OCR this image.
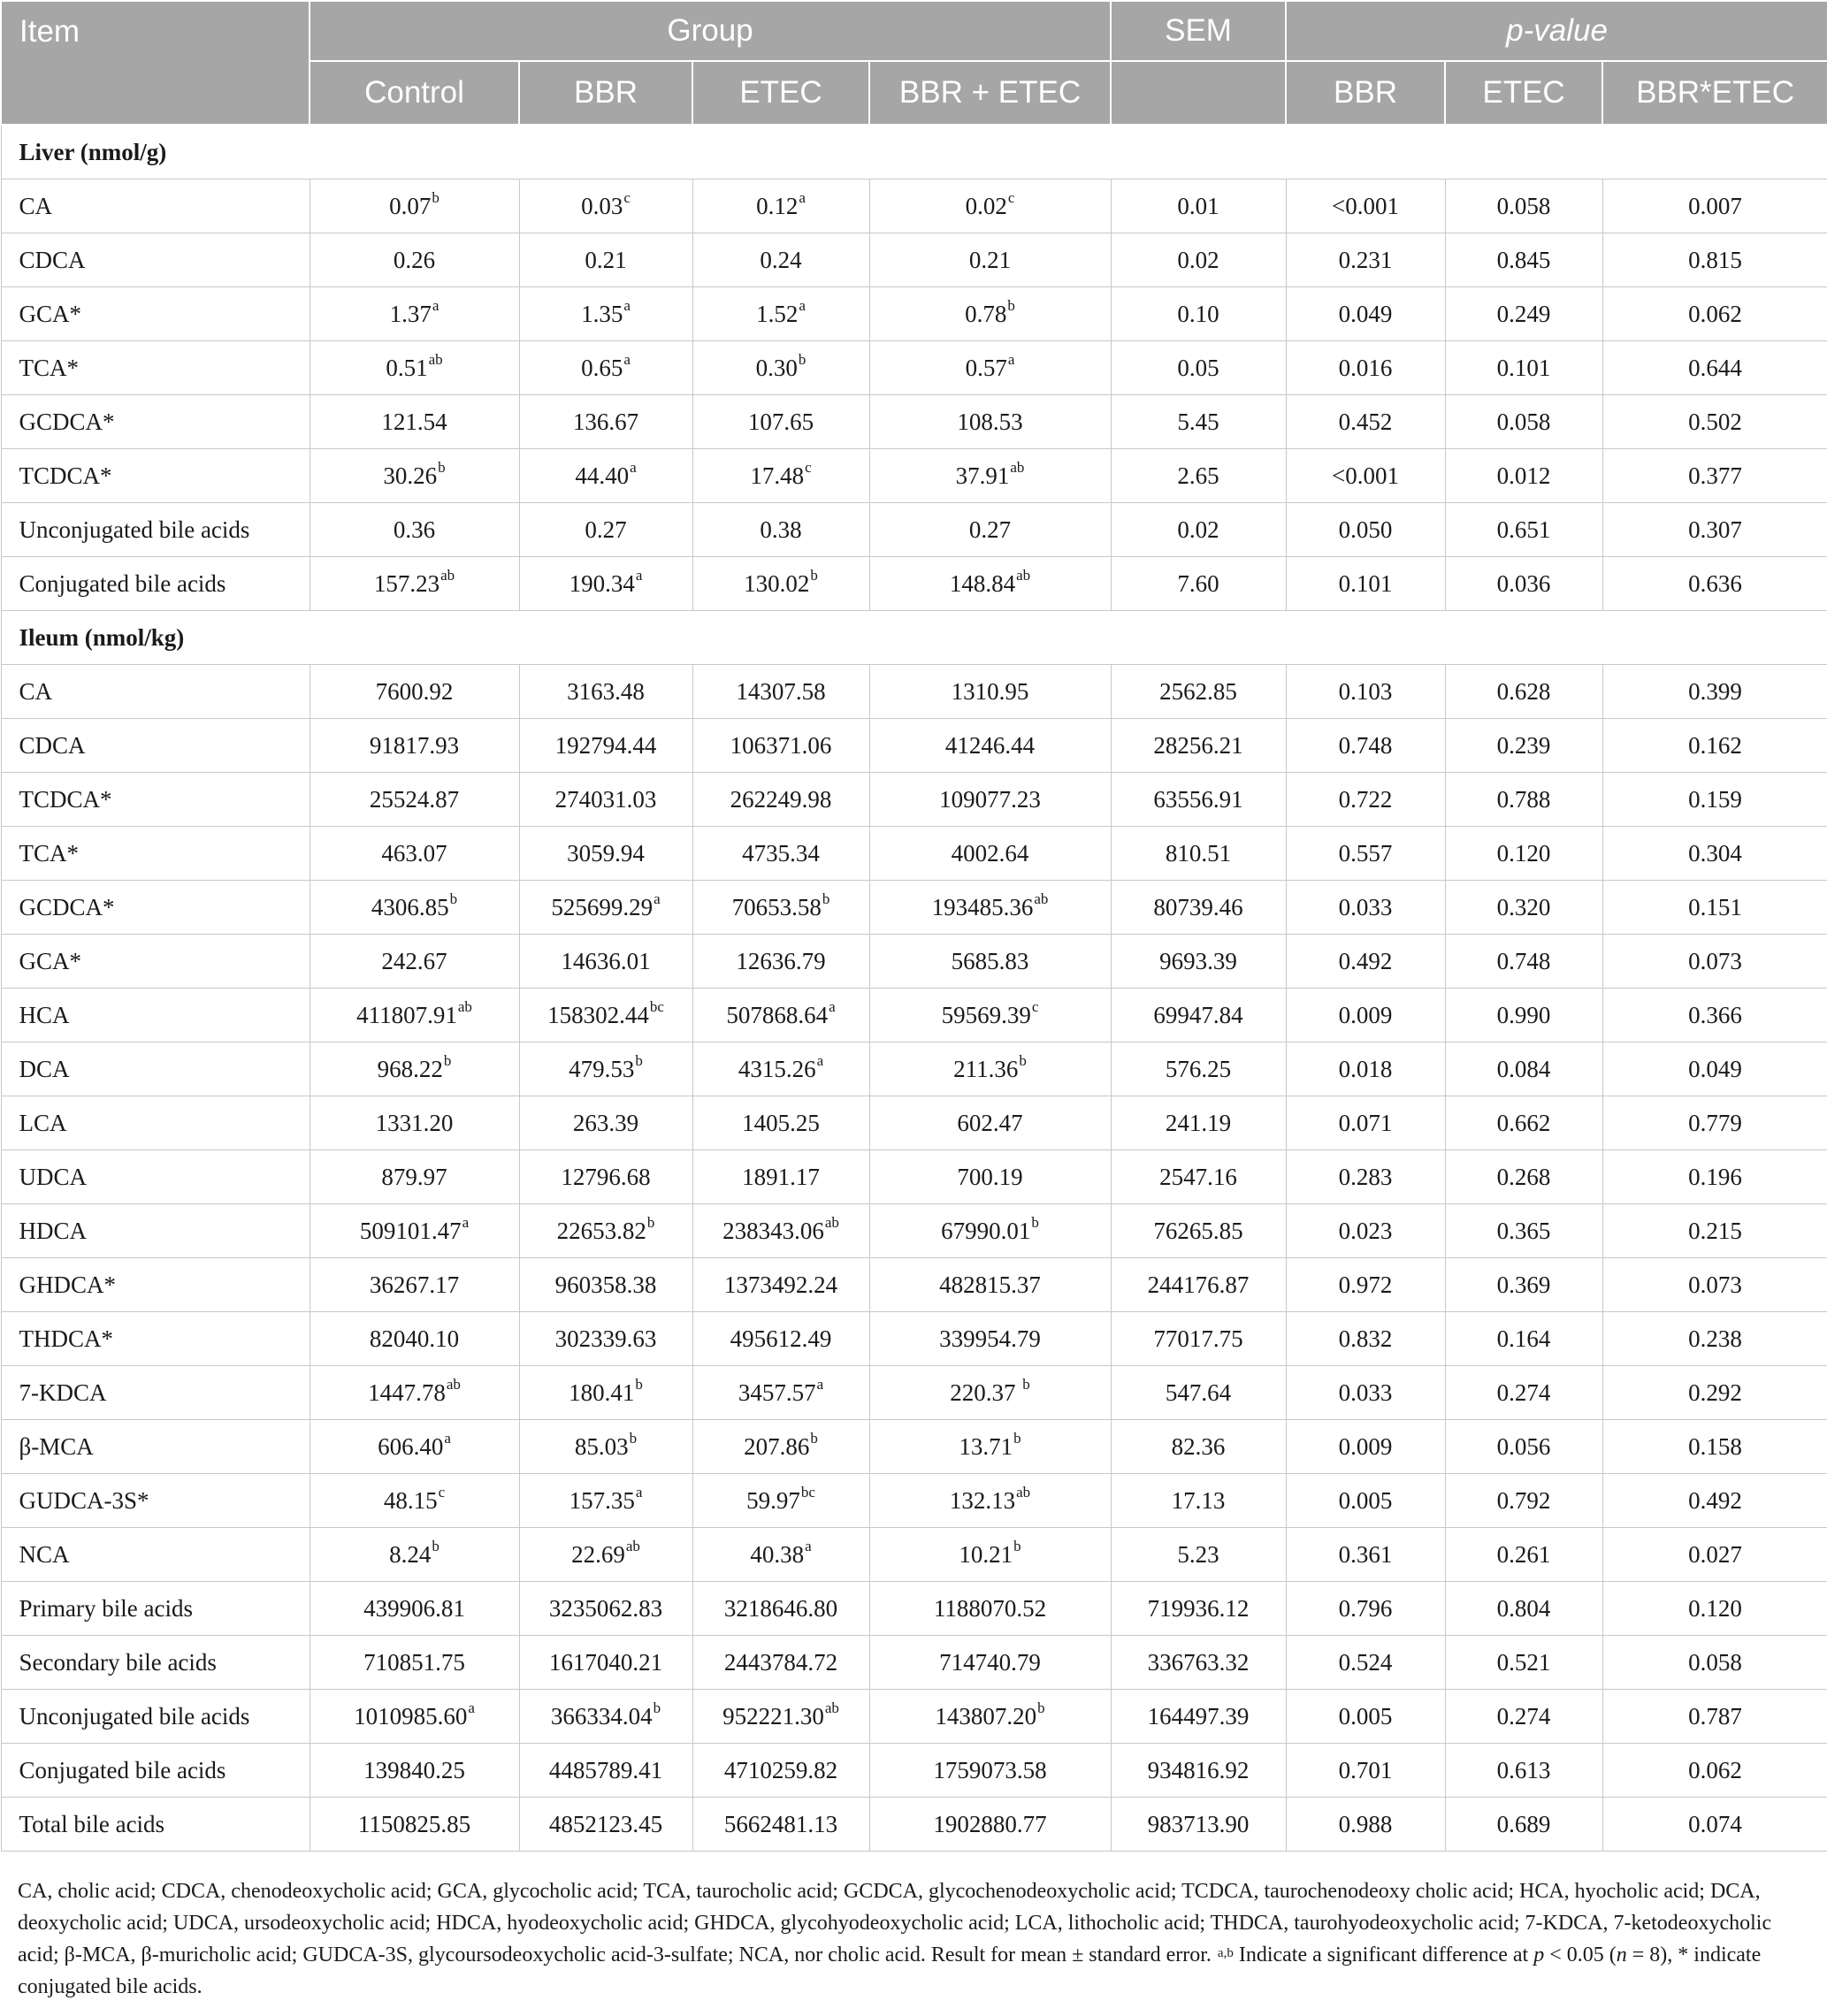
Item	Group				SEM	p-value		
	Control	BBR	ETEC	BBR + ETEC		BBR	ETEC	BBR*ETEC
Liver (nmol/g)								
CA	0.07$^b$	0.03$^c$	0.12$^a$	0.02$^c$	0.01	<0.001	0.058	0.007
CDCA	0.26	0.21	0.24	0.21	0.02	0.231	0.845	0.815
GCA*	1.37$^a$	1.35$^a$	1.52$^a$	0.78$^b$	0.10	0.049	0.249	0.062
TCA*	0.51$^{ab}$	0.65$^a$	0.30$^b$	0.57$^a$	0.05	0.016	0.101	0.644
GCDCA*	121.54	136.67	107.65	108.53	5.45	0.452	0.058	0.502
TCDCA*	30.26$^b$	44.40$^a$	17.48$^c$	37.91$^{ab}$	2.65	<0.001	0.012	0.377
Unconjugated bile acids	0.36	0.27	0.38	0.27	0.02	0.050	0.651	0.307
Conjugated bile acids	157.23$^{ab}$	190.34$^a$	130.02$^b$	148.84$^{ab}$	7.60	0.101	0.036	0.636
Ileum (nmol/kg)								
CA	7600.92	3163.48	14307.58	1310.95	2562.85	0.103	0.628	0.399
CDCA	91817.93	192794.44	106371.06	41246.44	28256.21	0.748	0.239	0.162
TCDCA*	25524.87	274031.03	262249.98	109077.23	63556.91	0.722	0.788	0.159
TCA*	463.07	3059.94	4735.34	4002.64	810.51	0.557	0.120	0.304
GCDCA*	4306.85$^b$	525699.29$^a$	70653.58$^b$	193485.36$^{ab}$	80739.46	0.033	0.320	0.151
GCA*	242.67	14636.01	12636.79	5685.83	9693.39	0.492	0.748	0.073
HCA	411807.91$^{ab}$	158302.44$^{bc}$	507868.64$^a$	59569.39$^c$	69947.84	0.009	0.990	0.366
DCA	968.22$^b$	479.53$^b$	4315.26$^a$	211.36$^b$	576.25	0.018	0.084	0.049
LCA	1331.20	263.39	1405.25	602.47	241.19	0.071	0.662	0.779
UDCA	879.97	12796.68	1891.17	700.19	2547.16	0.283	0.268	0.196
HDCA	509101.47$^a$	22653.82$^b$	238343.06$^{ab}$	67990.01$^b$	76265.85	0.023	0.365	0.215
GHDCA*	36267.17	960358.38	1373492.24	482815.37	244176.87	0.972	0.369	0.073
THDCA*	82040.10	302339.63	495612.49	339954.79	77017.75	0.832	0.164	0.238
7-KDCA	1447.78$^{ab}$	180.41$^b$	3457.57$^a$	220.37 $^b$	547.64	0.033	0.274	0.292
β-MCA	606.40$^a$	85.03$^b$	207.86$^b$	13.71$^b$	82.36	0.009	0.056	0.158
GUDCA-3S*	48.15$^c$	157.35$^a$	59.97$^{bc}$	132.13$^{ab}$	17.13	0.005	0.792	0.492
NCA	8.24$^b$	22.69$^{ab}$	40.38$^a$	10.21$^b$	5.23	0.361	0.261	0.027
Primary bile acids	439906.81	3235062.83	3218646.80	1188070.52	719936.12	0.796	0.804	0.120
Secondary bile acids	710851.75	1617040.21	2443784.72	714740.79	336763.32	0.524	0.521	0.058
Unconjugated bile acids	1010985.60$^a$	366334.04$^b$	952221.30$^{ab}$	143807.20$^b$	164497.39	0.005	0.274	0.787
Conjugated bile acids	139840.25	4485789.41	4710259.82	1759073.58	934816.92	0.701	0.613	0.062
Total bile acids	1150825.85	4852123.45	5662481.13	1902880.77	983713.90	0.988	0.689	0.074
CA, cholic acid; CDCA, chenodeoxycholic acid; GCA, glycocholic acid; TCA, taurocholic acid; GCDCA, glycochenodeoxycholic acid; TCDCA, taurochenodeoxy cholic acid; HCA, hyocholic acid; DCA, deoxycholic acid; UDCA, ursodeoxycholic acid; HDCA, hyodeoxycholic acid; GHDCA, glycohyodeoxycholic acid; LCA, lithocholic acid; THDCA, taurohyodeoxycholic acid; 7-KDCA, 7-ketodeoxycholic acid; β-MCA, β-muricholic acid; GUDCA-3S, glycoursodeoxycholic acid-3-sulfate; NCA, nor cholic acid. Result for mean ± standard error. $^{a,b}$ Indicate a significant difference at p < 0.05 (n = 8), * indicate conjugated bile acids.
